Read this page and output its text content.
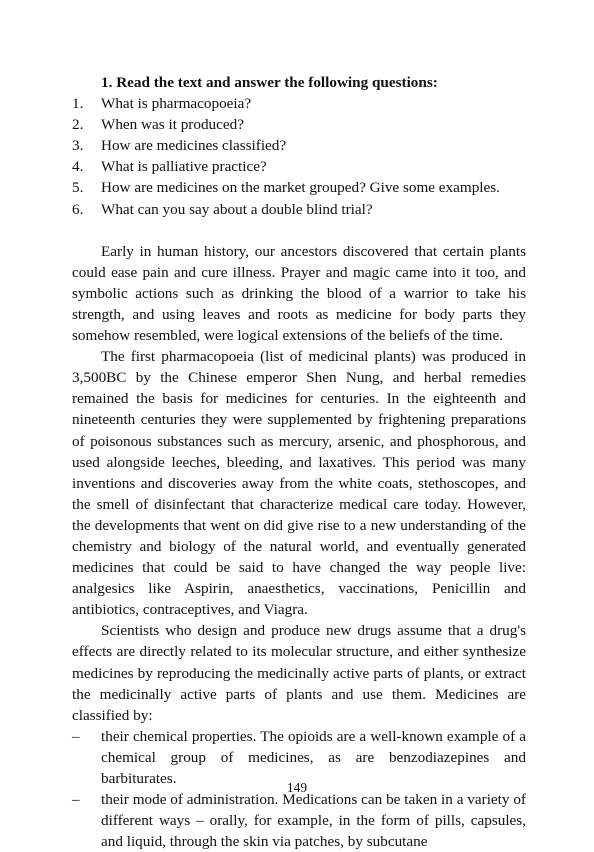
1. Read the text and answer the following questions:
1. What is pharmacopoeia?
2. When was it produced?
3. How are medicines classified?
4. What is palliative practice?
5. How are medicines on the market grouped? Give some examples.
6. What can you say about a double blind trial?

Early in human history, our ancestors discovered that certain plants could ease pain and cure illness. Prayer and magic came into it too, and symbolic actions such as drinking the blood of a warrior to take his strength, and using leaves and roots as medicine for body parts they somehow resembled, were logical extensions of the beliefs of the time.

The first pharmacopoeia (list of medicinal plants) was produced in 3,500BC by the Chinese emperor Shen Nung, and herbal remedies remained the basis for medicines for centuries. In the eighteenth and nineteenth centuries they were supplemented by frightening preparations of poisonous substances such as mercury, arsenic, and phosphorous, and used alongside leeches, bleeding, and laxatives. This period was many inventions and discoveries away from the white coats, stethoscopes, and the smell of disinfectant that characterize medical care today. However, the developments that went on did give rise to a new understanding of the chemistry and biology of the natural world, and eventually generated medicines that could be said to have changed the way people live: analgesics like Aspirin, anaesthetics, vaccinations, Penicillin and antibiotics, contraceptives, and Viagra.

Scientists who design and produce new drugs assume that a drug's effects are directly related to its molecular structure, and either synthesize medicines by reproducing the medicinally active parts of plants, or extract the medicinally active parts of plants and use them. Medicines are classified by:

– their chemical properties. The opioids are a well-known example of a chemical group of medicines, as are benzodiazepines and barbiturates.
– their mode of administration. Medications can be taken in a variety of different ways – orally, for example, in the form of pills, capsules, and liquid, through the skin via patches, by subcutane
149
